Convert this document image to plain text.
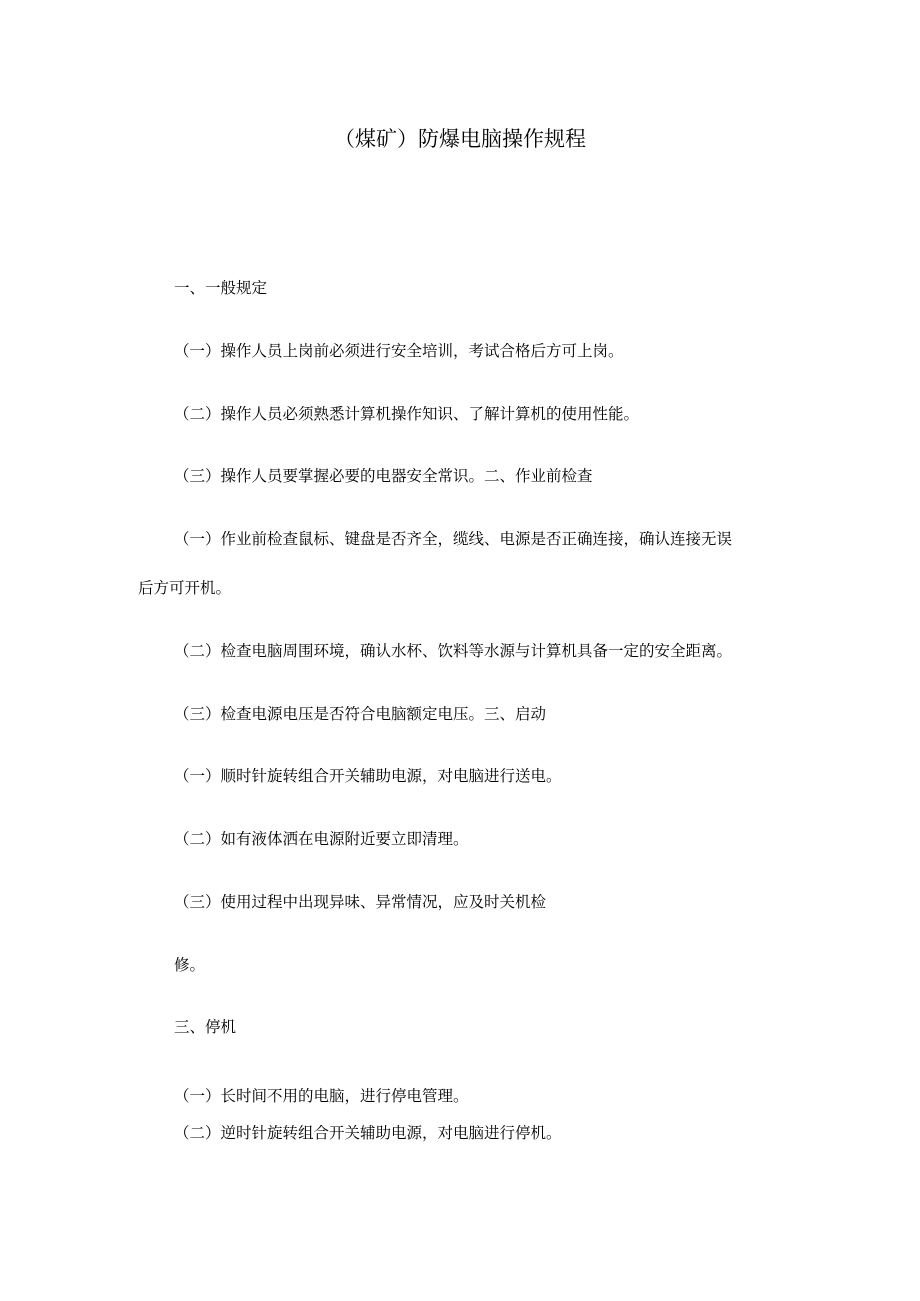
（煤矿）防爆电脑操作规程
一、一般规定
（一）操作人员上岗前必须进行安全培训，考试合格后方可上岗。
（二）操作人员必须熟悉计算机操作知识、了解计算机的使用性能。
（三）操作人员要掌握必要的电器安全常识。二、作业前检查
（一）作业前检查鼠标、键盘是否齐全，缆线、电源是否正确连接，确认连接无误
后方可开机。
（二）检查电脑周围环境，确认水杯、饮料等水源与计算机具备一定的安全距离。
（三）检查电源电压是否符合电脑额定电压。三、启动
（一）顺时针旋转组合开关辅助电源，对电脑进行送电。
（二）如有液体洒在电源附近要立即清理。
（三）使用过程中出现异味、异常情况，应及时关机检
修。
三、停机
（一）长时间不用的电脑，进行停电管理。
（二）逆时针旋转组合开关辅助电源，对电脑进行停机。
